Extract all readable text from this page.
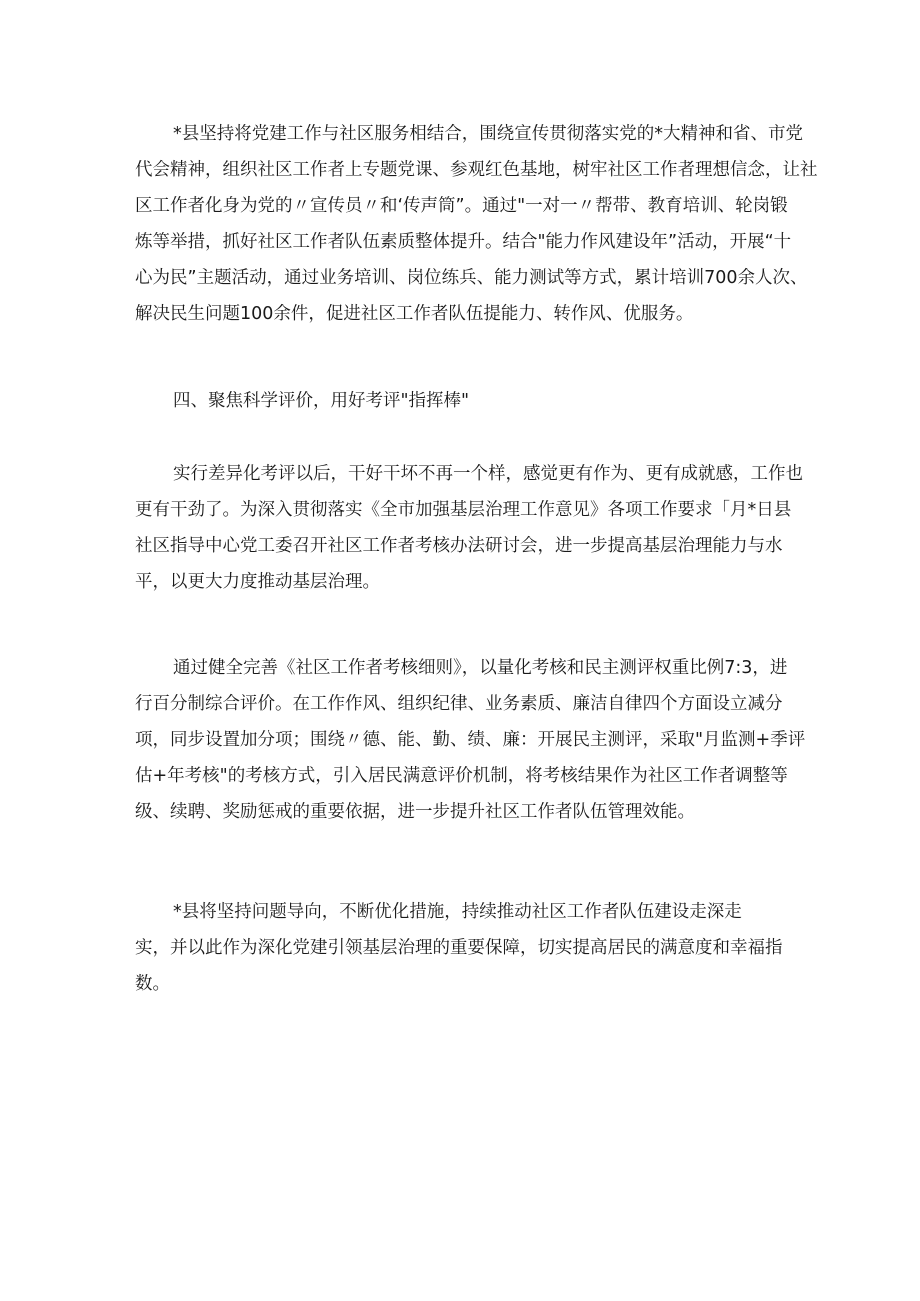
*县坚持将党建工作与社区服务相结合，围绕宣传贯彻落实党的*大精神和省、市党
代会精神，组织社区工作者上专题党课、参观红色基地，树牢社区工作者理想信念，让社
区工作者化身为党的〃宣传员〃和‘传声筒”。通过"一对一〃帮带、教育培训、轮岗锻
炼等举措，抓好社区工作者队伍素质整体提升。结合"能力作风建设年”活动，开展“十
心为民”主题活动，通过业务培训、岗位练兵、能力测试等方式，累计培训700余人次、
解决民生问题100余件，促进社区工作者队伍提能力、转作风、优服务。
四、聚焦科学评价，用好考评"指挥棒"
实行差异化考评以后，干好干坏不再一个样，感觉更有作为、更有成就感，工作也
更有干劲了。为深入贯彻落实《全市加强基层治理工作意见》各项工作要求「月*日县
社区指导中心党工委召开社区工作者考核办法研讨会，进一步提高基层治理能力与水
平，以更大力度推动基层治理。
通过健全完善《社区工作者考核细则》，以量化考核和民主测评权重比例7:3，进
行百分制综合评价。在工作作风、组织纪律、业务素质、廉洁自律四个方面设立减分
项，同步设置加分项；围绕〃德、能、勤、绩、廉：开展民主测评，采取"月监测+季评
估+年考核"的考核方式，引入居民满意评价机制，将考核结果作为社区工作者调整等
级、续聘、奖励惩戒的重要依据，进一步提升社区工作者队伍管理效能。
*县将坚持问题导向，不断优化措施，持续推动社区工作者队伍建设走深走
实，并以此作为深化党建引领基层治理的重要保障，切实提高居民的满意度和幸福指
数。
